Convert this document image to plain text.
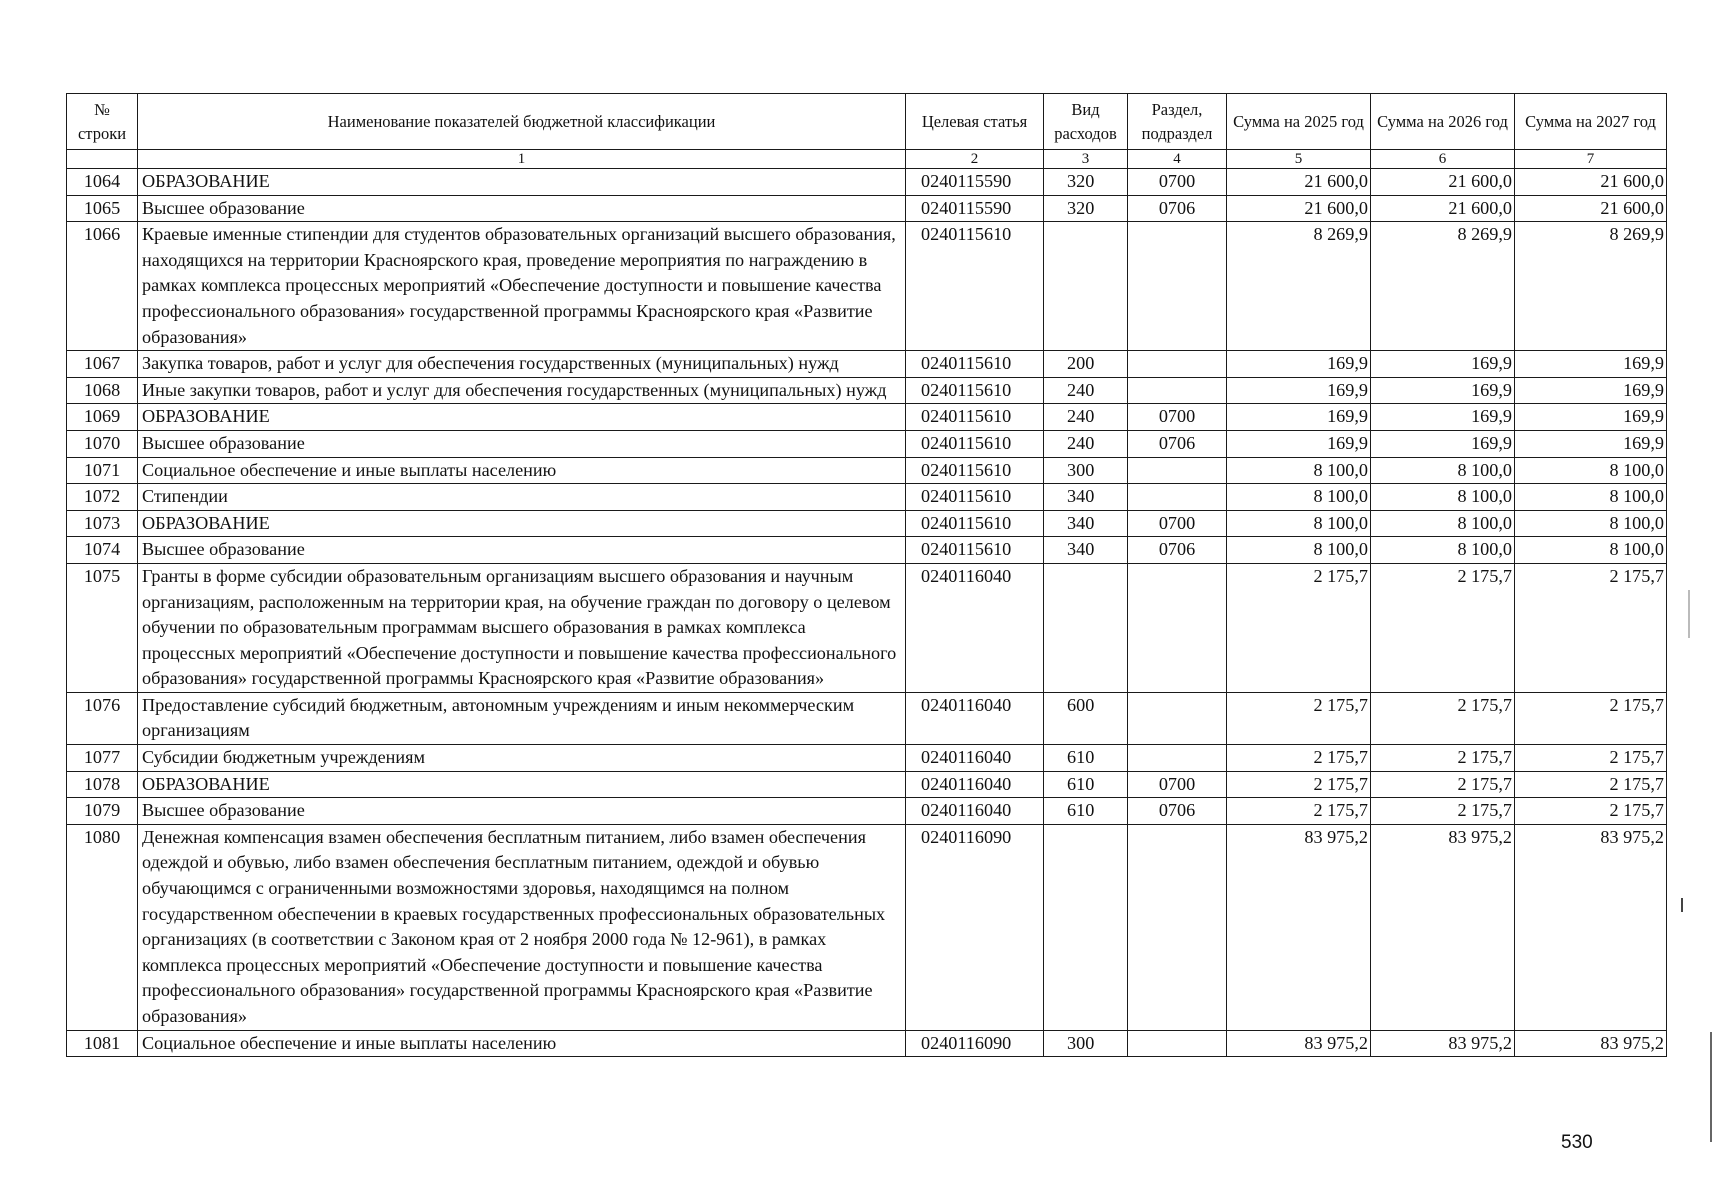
№ строки	Наименование показателей бюджетной классификации	Целевая статья	Вид расходов	Раздел, подраздел	Сумма на 2025 год	Сумма на 2026 год	Сумма на 2027 год
	1	2	3	4	5	6	7
1064	ОБРАЗОВАНИЕ	0240115590	320	0700	21 600,0	21 600,0	21 600,0
1065	Высшее образование	0240115590	320	0706	21 600,0	21 600,0	21 600,0
1066	Краевые именные стипендии для студентов образовательных организаций высшего образования, находящихся на территории Красноярского края, проведение мероприятия по награждению в рамках комплекса процессных мероприятий «Обеспечение доступности и повышение качества профессионального образования» государственной программы Красноярского края «Развитие образования»	0240115610			8 269,9	8 269,9	8 269,9
1067	Закупка товаров, работ и услуг для обеспечения государственных (муниципальных) нужд	0240115610	200		169,9	169,9	169,9
1068	Иные закупки товаров, работ и услуг для обеспечения государственных (муниципальных) нужд	0240115610	240		169,9	169,9	169,9
1069	ОБРАЗОВАНИЕ	0240115610	240	0700	169,9	169,9	169,9
1070	Высшее образование	0240115610	240	0706	169,9	169,9	169,9
1071	Социальное обеспечение и иные выплаты населению	0240115610	300		8 100,0	8 100,0	8 100,0
1072	Стипендии	0240115610	340		8 100,0	8 100,0	8 100,0
1073	ОБРАЗОВАНИЕ	0240115610	340	0700	8 100,0	8 100,0	8 100,0
1074	Высшее образование	0240115610	340	0706	8 100,0	8 100,0	8 100,0
1075	Гранты в форме субсидии образовательным организациям высшего образования и научным организациям, расположенным на территории края, на обучение граждан по договору о целевом обучении по образовательным программам высшего образования в рамках комплекса процессных мероприятий «Обеспечение доступности и повышение качества профессионального образования» государственной программы Красноярского края «Развитие образования»	0240116040			2 175,7	2 175,7	2 175,7
1076	Предоставление субсидий бюджетным, автономным учреждениям и иным некоммерческим организациям	0240116040	600		2 175,7	2 175,7	2 175,7
1077	Субсидии бюджетным учреждениям	0240116040	610		2 175,7	2 175,7	2 175,7
1078	ОБРАЗОВАНИЕ	0240116040	610	0700	2 175,7	2 175,7	2 175,7
1079	Высшее образование	0240116040	610	0706	2 175,7	2 175,7	2 175,7
1080	Денежная компенсация взамен обеспечения бесплатным питанием, либо взамен обеспечения одеждой и обувью, либо взамен обеспечения бесплатным питанием, одеждой и обувью обучающимся с ограниченными возможностями здоровья, находящимся на полном государственном обеспечении в краевых государственных профессиональных образовательных организациях (в соответствии с Законом края от 2 ноября 2000 года № 12-961), в рамках комплекса процессных мероприятий «Обеспечение доступности и повышение качества профессионального образования» государственной программы Красноярского края «Развитие образования»	0240116090			83 975,2	83 975,2	83 975,2
1081	Социальное обеспечение и иные выплаты населению	0240116090	300		83 975,2	83 975,2	83 975,2
530
